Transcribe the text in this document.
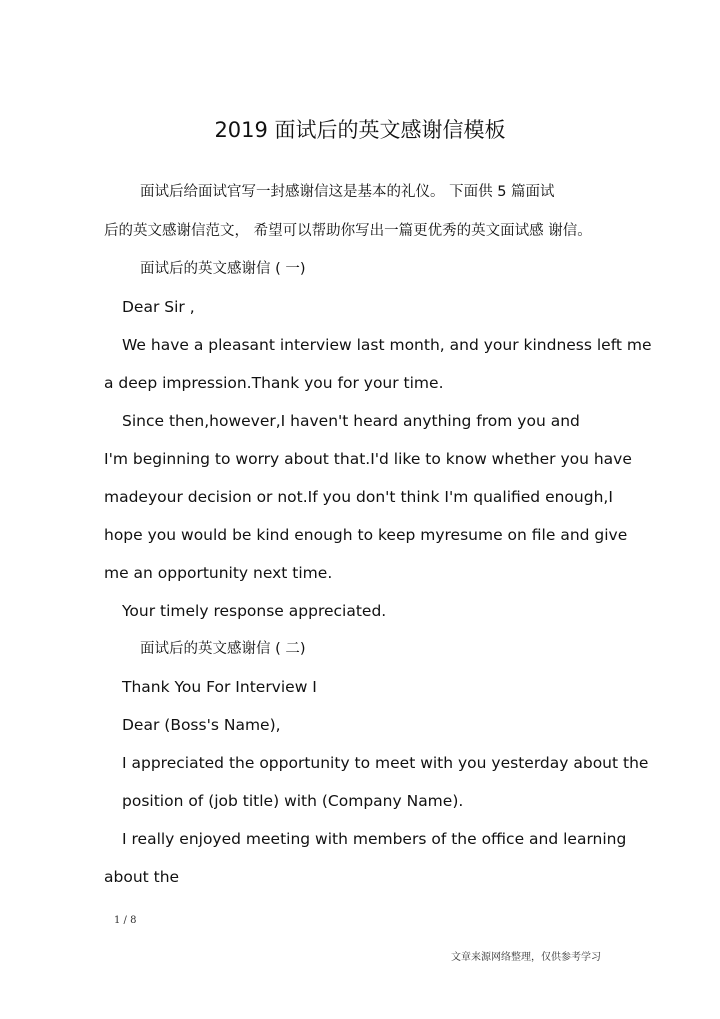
2019 面试后的英文感谢信模板
面试后给面试官写一封感谢信这是基本的礼仪。 下面供 5 篇面试
后的英文感谢信范文， 希望可以帮助你写出一篇更优秀的英文面试感 谢信。
面试后的英文感谢信 ( 一)
Dear Sir ,
We have a pleasant interview last month, and your kindness left me
a deep impression.Thank you for your time.
Since then,however,I haven't heard anything from you and
I'm beginning to worry about that.I'd like to know whether you have
madeyour decision or not.If you don't think I'm qualified enough,I
hope you would be kind enough to keep myresume on file and give
me an opportunity next time.
Your timely response appreciated.
面试后的英文感谢信 ( 二)
Thank You For Interview I
Dear (Boss's Name),
I appreciated the opportunity to meet with you yesterday about the
position of (job title) with (Company Name).
I really enjoyed meeting with members of the office and learning
about the
1 / 8
文章来源网络整理，仅供参考学习
